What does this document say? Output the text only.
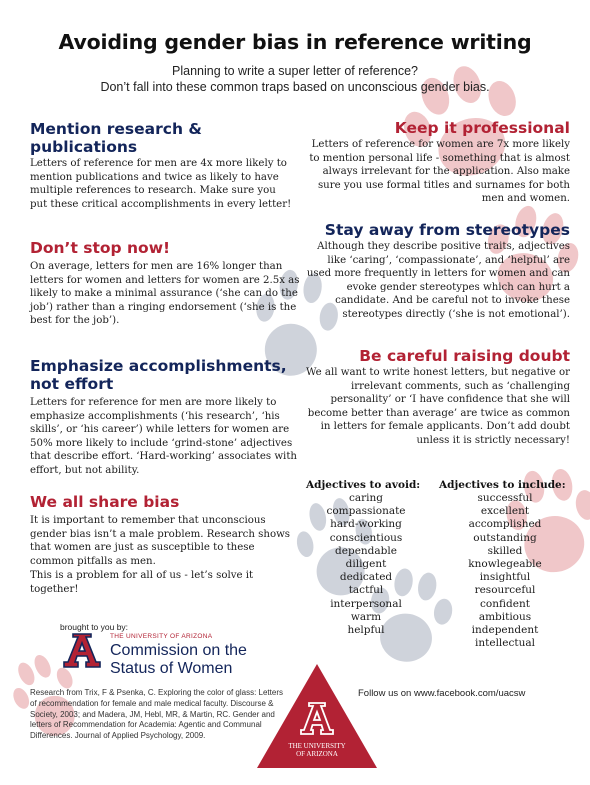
Avoiding gender bias in reference writing
Planning to write a super letter of reference?
Don’t fall into these common traps based on unconscious gender bias.
Mention research &
publications

Letters of reference for men are 4x more likely to mention publications and twice as likely to have multiple references to research. Make sure you put these critical accomplishments in every letter!

Don’t stop now!

On average, letters for men are 16% longer than letters for women and letters for women are 2.5x as likely to make a minimal assurance (‘she can do the job’) rather than a ringing endorsement (‘she is the best for the job’).

Emphasize accomplishments,
not effort

Letters for reference for men are more likely to emphasize accomplishments (‘his research’, ‘his skills’, or ‘his career’) while letters for women are 50% more likely to include ‘grind-stone’ adjectives that describe effort. ‘Hard-working’ associates with effort, but not ability.

We all share bias

It is important to remember that unconscious gender bias isn’t a male problem. Research shows that women are just as susceptible to these common pitfalls as men.

This is a problem for all of us - let’s solve it together!

Keep it professional

Letters of reference for women are 7x more likely to mention personal life - something that is almost always irrelevant for the application. Also make sure you use formal titles and surnames for both men and women.

Stay away from stereotypes

Although they describe positive traits, adjectives like ‘caring’, ‘compassionate’, and ‘helpful’ are used more frequently in letters for women and can evoke gender stereotypes which can hurt a candidate. And be careful not to invoke these stereotypes directly (‘she is not emotional’).

Be careful raising doubt

We all want to write honest letters, but negative or irrelevant comments, such as ‘challenging personality’ or ‘I have confidence that she will become better than average’ are twice as common in letters for female applicants. Don’t add doubt unless it is strictly necessary!

Adjectives to avoid: Adjectives to include:
caring
compassionate
hard-working
conscientious
dependable
diligent
dedicated
tactful
interpersonal
warm
helpful
successful
excellent
accomplished
outstanding
skilled
knowlegeable
insightful
resourceful
confident
ambitious
independent
intellectual
brought to you by:
THE UNIVERSITY OF ARIZONA
Commission on the
Status of Women

Research from Trix, F & Psenka, C. Exploring the color of glass: Letters of recommendation for female and male medical faculty. Discourse & Society, 2003; and Madera, JM, Hebl, MR, & Martin, RC. Gender and letters of Recommendation for Academia: Agentic and Communal Differences. Journal of Applied Psychology, 2009.

THE UNIVERSITY
OF ARIZONA
Follow us on www.facebook.com/uacsw
